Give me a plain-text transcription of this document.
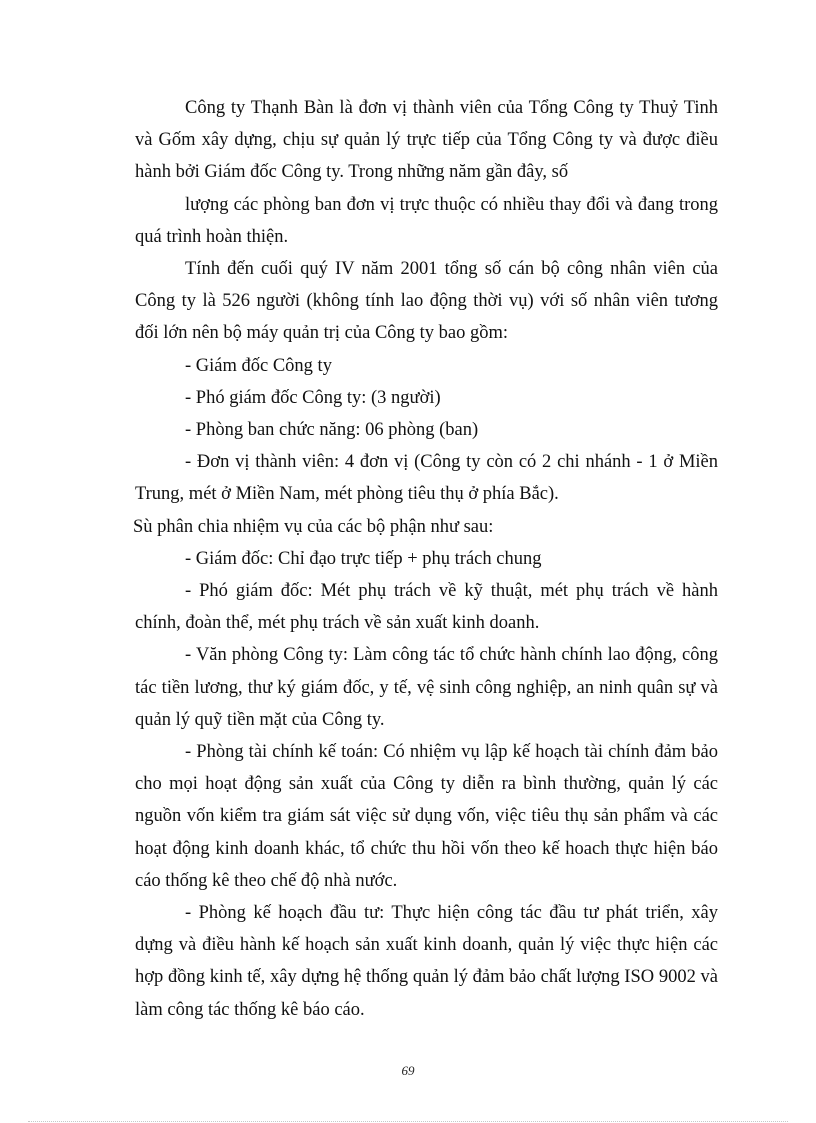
Công ty Thạnh Bàn là đơn vị thành viên của Tổng Công ty Thuỷ Tinh và Gốm xây dựng, chịu sự quản lý trực tiếp của Tổng Công ty và được điều hành bởi Giám đốc Công ty. Trong những năm gần đây, số

lượng các phòng ban đơn vị trực thuộc có nhiều thay đổi và đang trong quá trình hoàn thiện.

Tính đến cuối quý IV năm 2001 tổng số cán bộ công nhân viên của Công ty là 526 người (không tính lao động thời vụ) với số nhân viên tương đối lớn nên bộ máy quản trị của Công ty bao gồm:

- Giám đốc Công ty

- Phó giám đốc Công ty: (3 người)

- Phòng ban chức năng: 06 phòng (ban)

- Đơn vị thành viên: 4 đơn vị (Công ty còn có 2 chi nhánh - 1 ở Miền Trung, mét ở Miền Nam, mét phòng tiêu thụ ở phía Bắc).

Sù phân chia nhiệm vụ của các bộ phận như sau:

- Giám đốc: Chỉ đạo trực tiếp + phụ trách chung

- Phó giám đốc: Mét phụ trách về kỹ thuật, mét phụ trách về hành chính, đoàn thể, mét phụ trách về sản xuất kinh doanh.

- Văn phòng Công ty: Làm công tác tổ chức hành chính lao động, công tác tiền lương, thư ký giám đốc, y tế, vệ sinh công nghiệp, an ninh quân sự và quản lý quỹ tiền mặt của Công ty.

- Phòng tài chính kế toán: Có nhiệm vụ lập kế hoạch tài chính đảm bảo cho mọi hoạt động sản xuất của Công ty diễn ra bình thường, quản lý các nguồn vốn kiểm tra giám sát việc sử dụng vốn, việc tiêu thụ sản phẩm và các hoạt động kinh doanh khác, tổ chức thu hồi vốn theo kế hoach thực hiện báo cáo thống kê theo chế độ nhà nước.

- Phòng kế hoạch đầu tư: Thực hiện công tác đầu tư phát triển, xây dựng và điều hành kế hoạch sản xuất kinh doanh, quản lý việc thực hiện các hợp đồng kinh tế, xây dựng hệ thống quản lý đảm bảo chất lượng ISO 9002 và làm công tác thống kê báo cáo.

69
